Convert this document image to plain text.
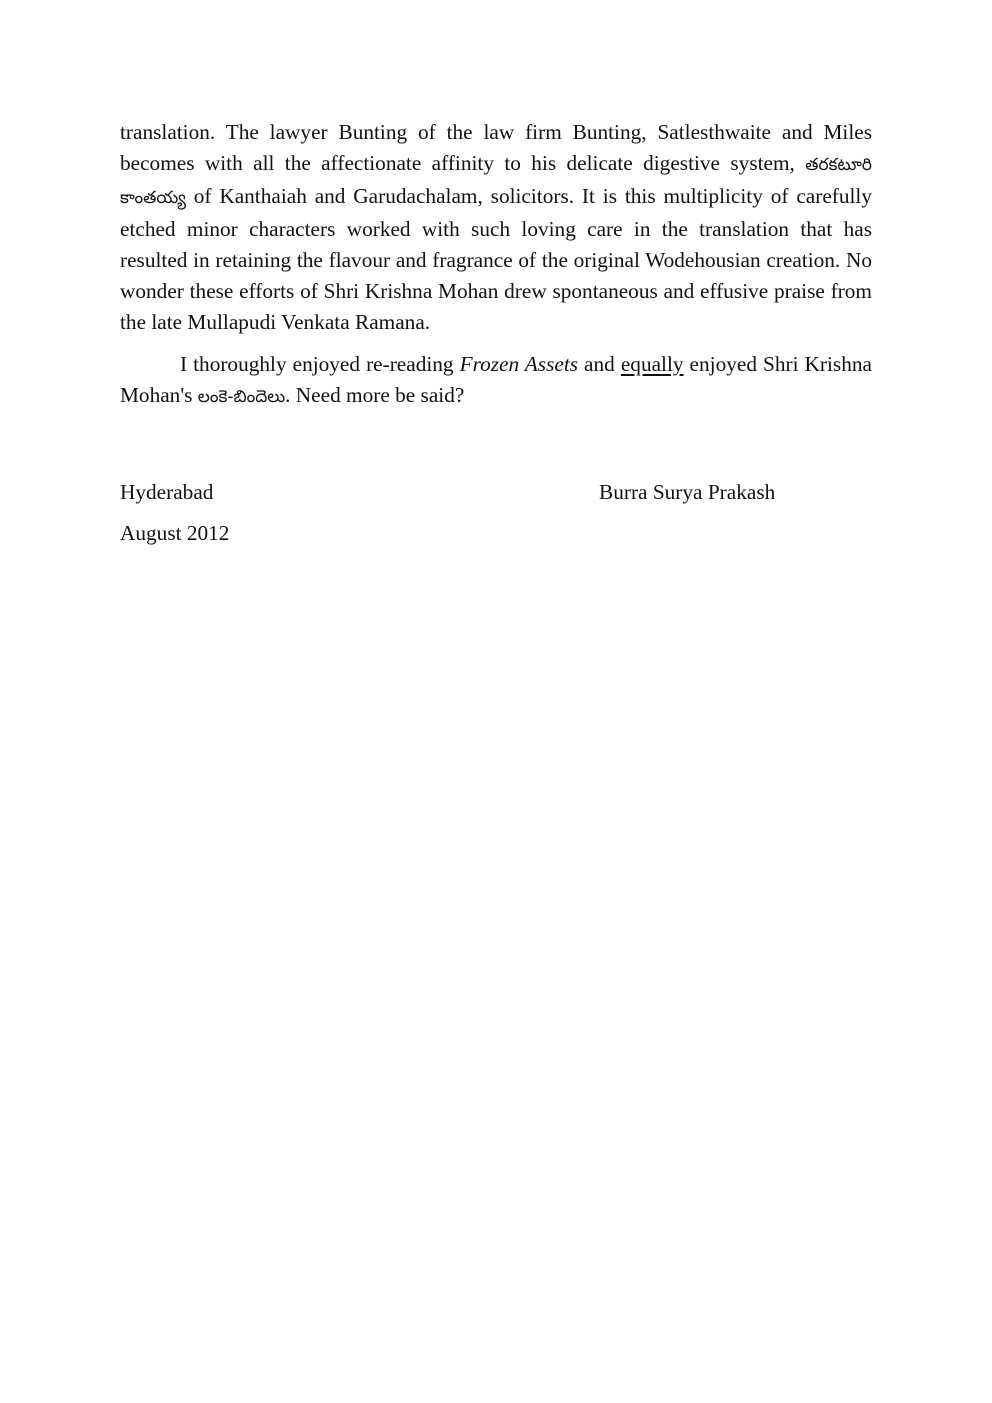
translation. The lawyer Bunting of the law firm Bunting, Satlesthwaite and Miles becomes with all the affectionate affinity to his delicate digestive system, తరకటూరి కాంతయ్య of Kanthaiah and Garudachalam, solicitors. It is this multiplicity of carefully etched minor characters worked with such loving care in the translation that has resulted in retaining the flavour and fragrance of the original Wodehousian creation. No wonder these efforts of Shri Krishna Mohan drew spontaneous and effusive praise from the late Mullapudi Venkata Ramana.

I thoroughly enjoyed re-reading Frozen Assets and equally enjoyed Shri Krishna Mohan's లంకె-బిందెలు. Need more be said?

Hyderabad	Burra Surya Prakash
August 2012
